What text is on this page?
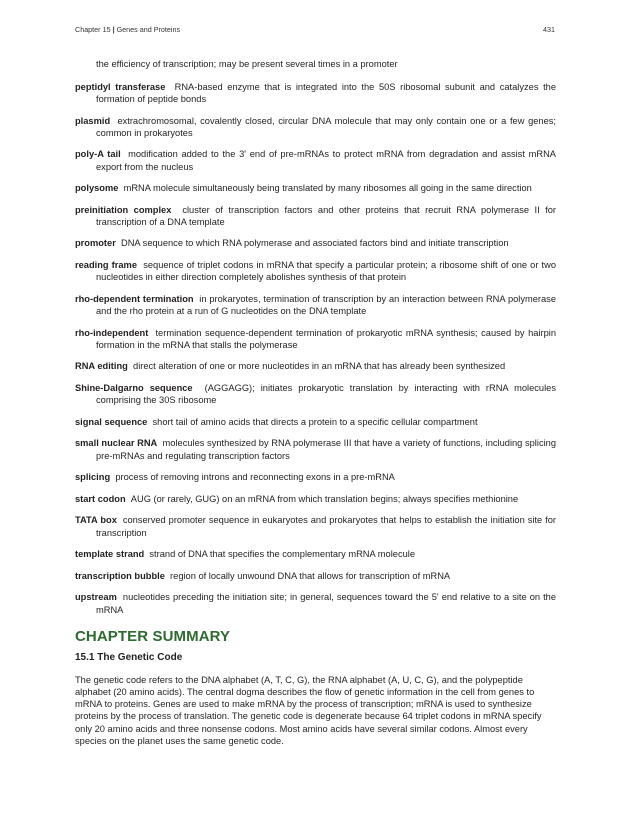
Chapter 15 | Genes and Proteins	431

the efficiency of transcription; may be present several times in a promoter

peptidyl transferase RNA-based enzyme that is integrated into the 50S ribosomal subunit and catalyzes the formation of peptide bonds

plasmid extrachromosomal, covalently closed, circular DNA molecule that may only contain one or a few genes; common in prokaryotes

poly-A tail modification added to the 3' end of pre-mRNAs to protect mRNA from degradation and assist mRNA export from the nucleus

polysome mRNA molecule simultaneously being translated by many ribosomes all going in the same direction

preinitiation complex cluster of transcription factors and other proteins that recruit RNA polymerase II for transcription of a DNA template

promoter DNA sequence to which RNA polymerase and associated factors bind and initiate transcription

reading frame sequence of triplet codons in mRNA that specify a particular protein; a ribosome shift of one or two nucleotides in either direction completely abolishes synthesis of that protein

rho-dependent termination in prokaryotes, termination of transcription by an interaction between RNA polymerase and the rho protein at a run of G nucleotides on the DNA template

rho-independent termination sequence-dependent termination of prokaryotic mRNA synthesis; caused by hairpin formation in the mRNA that stalls the polymerase

RNA editing direct alteration of one or more nucleotides in an mRNA that has already been synthesized

Shine-Dalgarno sequence (AGGAGG); initiates prokaryotic translation by interacting with rRNA molecules comprising the 30S ribosome

signal sequence short tail of amino acids that directs a protein to a specific cellular compartment

small nuclear RNA molecules synthesized by RNA polymerase III that have a variety of functions, including splicing pre-mRNAs and regulating transcription factors

splicing process of removing introns and reconnecting exons in a pre-mRNA

start codon AUG (or rarely, GUG) on an mRNA from which translation begins; always specifies methionine

TATA box conserved promoter sequence in eukaryotes and prokaryotes that helps to establish the initiation site for transcription

template strand strand of DNA that specifies the complementary mRNA molecule

transcription bubble region of locally unwound DNA that allows for transcription of mRNA

upstream nucleotides preceding the initiation site; in general, sequences toward the 5' end relative to a site on the mRNA

CHAPTER SUMMARY
15.1 The Genetic Code

The genetic code refers to the DNA alphabet (A, T, C, G), the RNA alphabet (A, U, C, G), and the polypeptide alphabet (20 amino acids). The central dogma describes the flow of genetic information in the cell from genes to mRNA to proteins. Genes are used to make mRNA by the process of transcription; mRNA is used to synthesize proteins by the process of translation. The genetic code is degenerate because 64 triplet codons in mRNA specify only 20 amino acids and three nonsense codons. Most amino acids have several similar codons. Almost every species on the planet uses the same genetic code.
